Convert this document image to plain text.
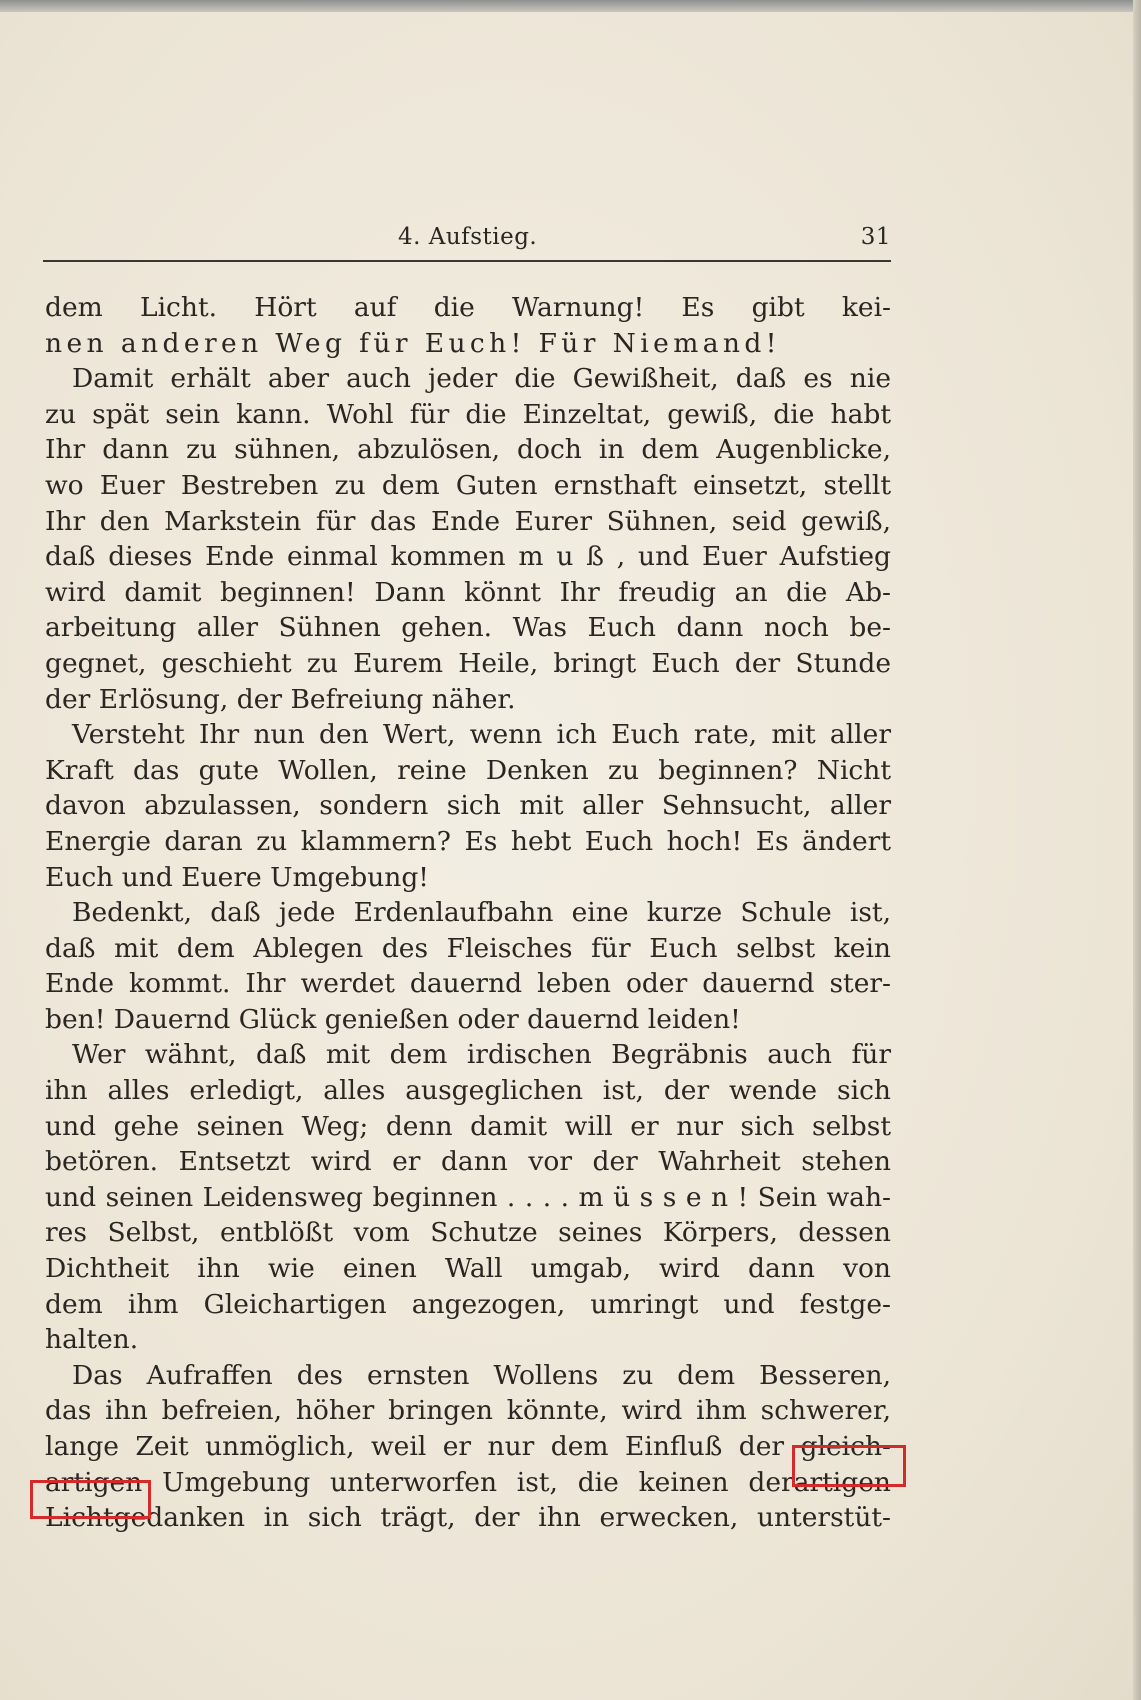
4. Aufstieg.	31
dem Licht. Hört auf die Warnung! Es gibt kei-
nen anderen Weg für Euch! Für Niemand!
Damit erhält aber auch jeder die Gewißheit, daß es nie
zu spät sein kann. Wohl für die Einzeltat, gewiß, die habt
Ihr dann zu sühnen, abzulösen, doch in dem Augenblicke,
wo Euer Bestreben zu dem Guten ernsthaft einsetzt, stellt
Ihr den Markstein für das Ende Eurer Sühnen, seid gewiß,
daß dieses Ende einmal kommen m u ß , und Euer Aufstieg
wird damit beginnen! Dann könnt Ihr freudig an die Ab-
arbeitung aller Sühnen gehen. Was Euch dann noch be-
gegnet, geschieht zu Eurem Heile, bringt Euch der Stunde
der Erlösung, der Befreiung näher.
Versteht Ihr nun den Wert, wenn ich Euch rate, mit aller
Kraft das gute Wollen, reine Denken zu beginnen? Nicht
davon abzulassen, sondern sich mit aller Sehnsucht, aller
Energie daran zu klammern? Es hebt Euch hoch! Es ändert
Euch und Euere Umgebung!
Bedenkt, daß jede Erdenlaufbahn eine kurze Schule ist,
daß mit dem Ablegen des Fleisches für Euch selbst kein
Ende kommt. Ihr werdet dauernd leben oder dauernd ster-
ben! Dauernd Glück genießen oder dauernd leiden!
Wer wähnt, daß mit dem irdischen Begräbnis auch für
ihn alles erledigt, alles ausgeglichen ist, der wende sich
und gehe seinen Weg; denn damit will er nur sich selbst
betören. Entsetzt wird er dann vor der Wahrheit stehen
und seinen Leidensweg beginnen . . . . m ü s s e n ! Sein wah-
res Selbst, entblößt vom Schutze seines Körpers, dessen
Dichtheit ihn wie einen Wall umgab, wird dann von
dem ihm Gleichartigen angezogen, umringt und festge-
halten.
Das Aufraffen des ernsten Wollens zu dem Besseren,
das ihn befreien, höher bringen könnte, wird ihm schwerer,
lange Zeit unmöglich, weil er nur dem Einfluß der gleich-
artigen Umgebung unterworfen ist, die keinen derartigen
Lichtgedanken in sich trägt, der ihn erwecken, unterstüt-
